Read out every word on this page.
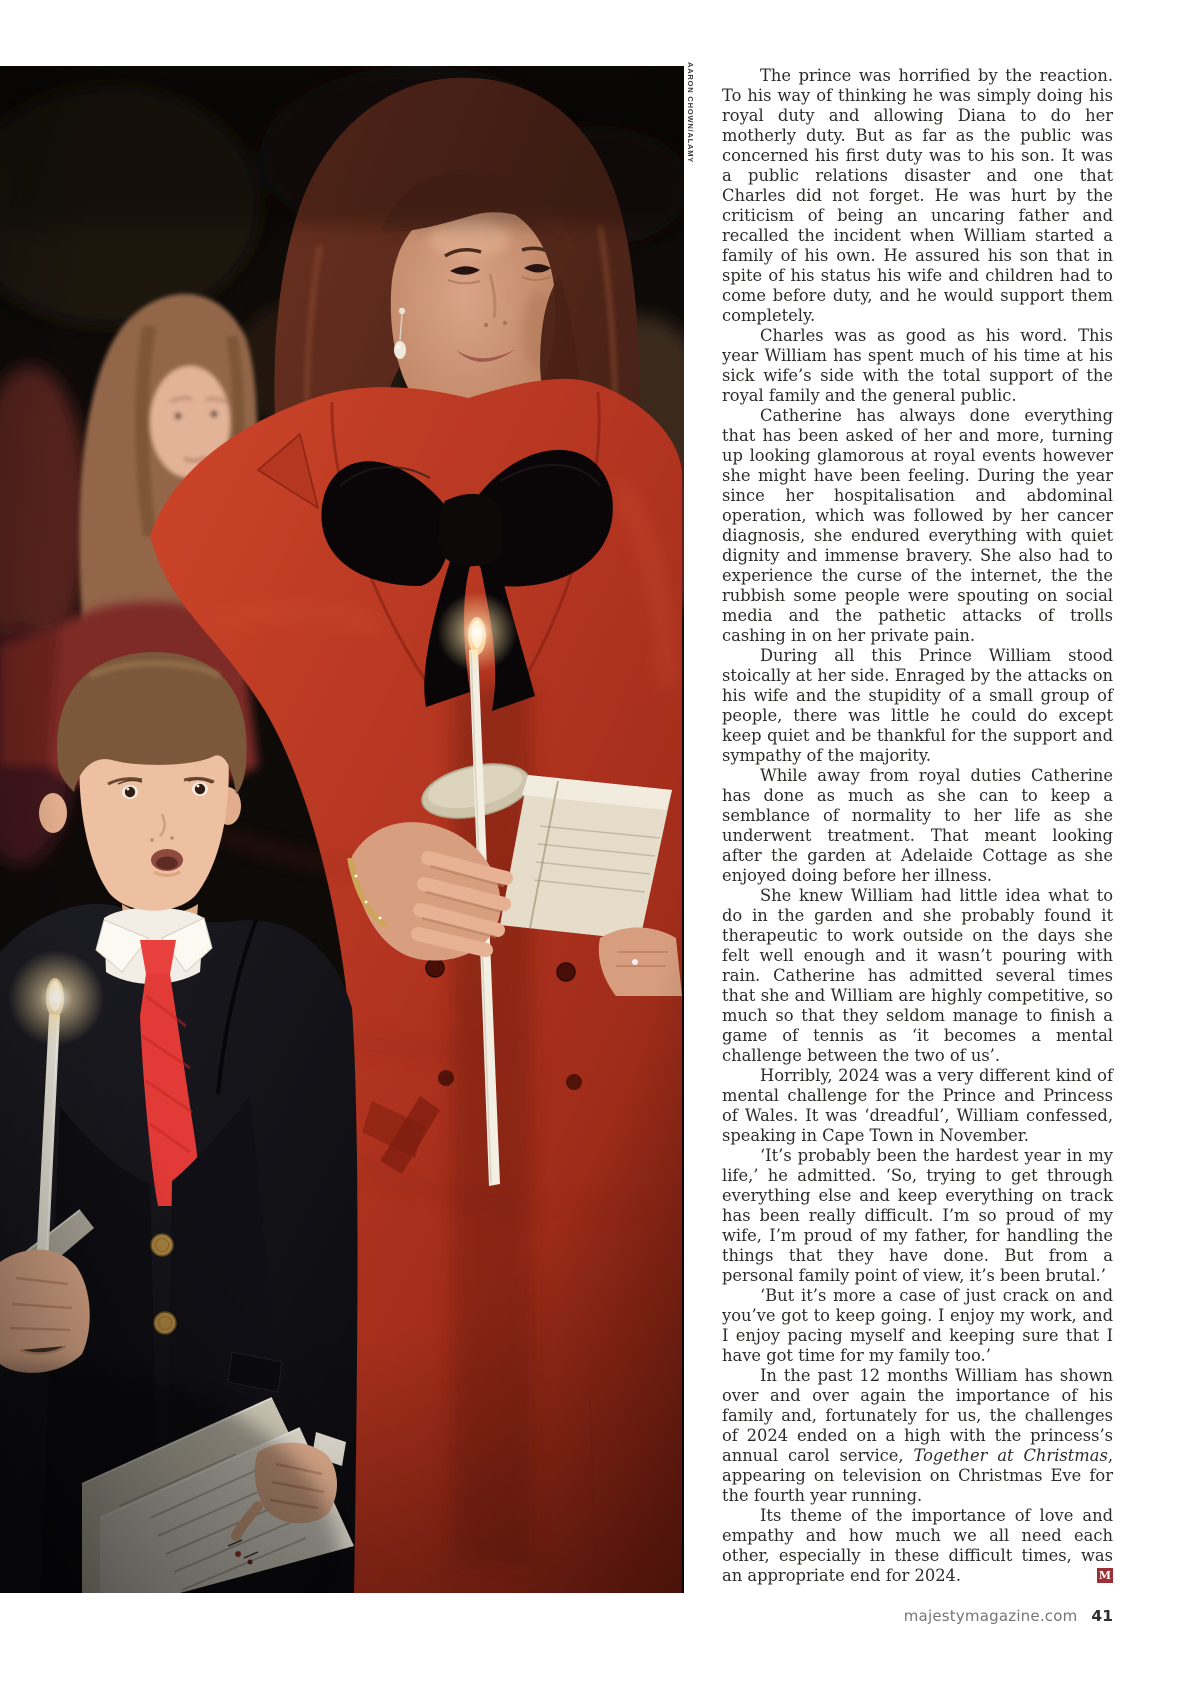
AARON CHOWN/ALAMY	The prince was horrified by the reaction. To his way of thinking he was simply doing his royal duty and allowing Diana to do her motherly duty. But as far as the public was concerned his first duty was to his son. It was a public relations disaster and one that Charles did not forget. He was hurt by the criticism of being an uncaring father and recalled the incident when William started a family of his own. He assured his son that in spite of his status his wife and children had to come before duty, and he would support them completely.

Charles was as good as his word. This year William has spent much of his time at his sick wife’s side with the total support of the royal family and the general public.

Catherine has always done everything that has been asked of her and more, turning up looking glamorous at royal events however she might have been feeling. During the year since her hospitalisation and abdominal operation, which was followed by her cancer diagnosis, she endured everything with quiet dignity and immense bravery. She also had to experience the curse of the internet, the the rubbish some people were spouting on social media and the pathetic attacks of trolls cashing in on her private pain.

During all this Prince William stood stoically at her side. Enraged by the attacks on his wife and the stupidity of a small group of people, there was little he could do except keep quiet and be thankful for the support and sympathy of the majority.

While away from royal duties Catherine has done as much as she can to keep a semblance of normality to her life as she underwent treatment. That meant looking after the garden at Adelaide Cottage as she enjoyed doing before her illness.

She knew William had little idea what to do in the garden and she probably found it therapeutic to work outside on the days she felt well enough and it wasn’t pouring with rain. Catherine has admitted several times that she and William are highly competitive, so much so that they seldom manage to finish a game of tennis as ‘it becomes a mental challenge between the two of us’.

Horribly, 2024 was a very different kind of mental challenge for the Prince and Princess of Wales. It was ‘dreadful’, William confessed, speaking in Cape Town in November.

‘It’s probably been the hardest year in my life,’ he admitted. ‘So, trying to get through everything else and keep everything on track has been really difficult. I’m so proud of my wife, I’m proud of my father, for handling the things that they have done. But from a personal family point of view, it’s been brutal.’

‘But it’s more a case of just crack on and you’ve got to keep going. I enjoy my work, and I enjoy pacing myself and keeping sure that I have got time for my family too.’

In the past 12 months William has shown over and over again the importance of his family and, fortunately for us, the challenges of 2024 ended on a high with the princess’s annual carol service, Together at Christmas, appearing on television on Christmas Eve for the fourth year running.

Its theme of the importance of love and empathy and how much we all need each other, especially in these difficult times, was an appropriate end for 2024.	M
majestymagazine.com 41
